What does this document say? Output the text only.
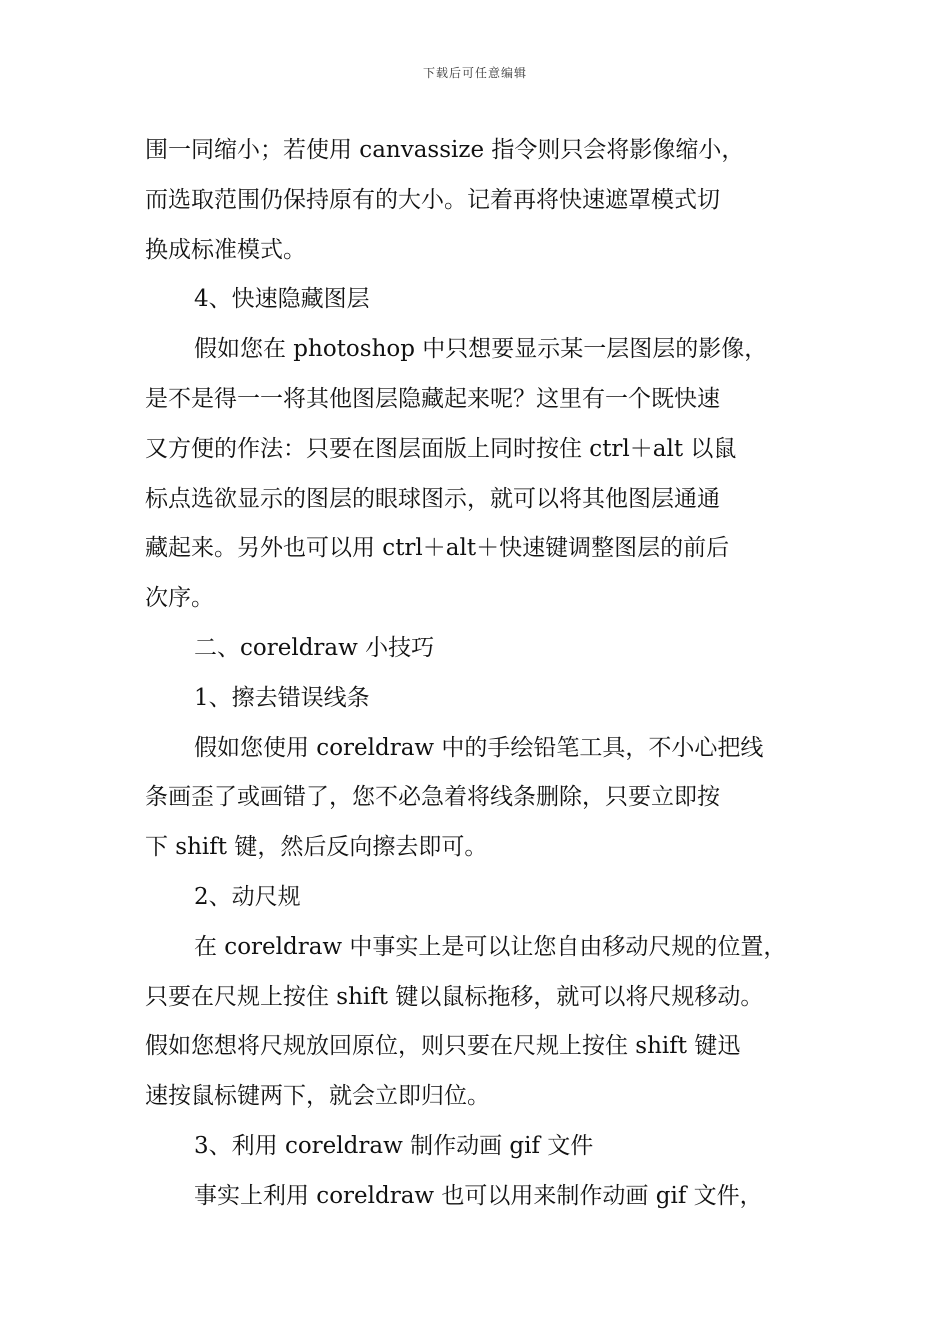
下载后可任意编辑
围一同缩小；若使用 canvassize 指令则只会将影像缩小，
而选取范围仍保持原有的大小。记着再将快速遮罩模式切
换成标准模式。
4、快速隐藏图层
假如您在 photoshop 中只想要显示某一层图层的影像，
是不是得一一将其他图层隐藏起来呢？这里有一个既快速
又方便的作法：只要在图层面版上同时按住 ctrl＋alt 以鼠
标点选欲显示的图层的眼球图示，就可以将其他图层通通
藏起来。另外也可以用 ctrl＋alt＋快速键调整图层的前后
次序。
二、coreldraw 小技巧
1、擦去错误线条
假如您使用 coreldraw 中的手绘铅笔工具，不小心把线
条画歪了或画错了，您不必急着将线条删除，只要立即按
下 shift 键，然后反向擦去即可。
2、动尺规
在 coreldraw 中事实上是可以让您自由移动尺规的位置，
只要在尺规上按住 shift 键以鼠标拖移，就可以将尺规移动。
假如您想将尺规放回原位，则只要在尺规上按住 shift 键迅
速按鼠标键两下，就会立即归位。
3、利用 coreldraw 制作动画 gif 文件
事实上利用 coreldraw 也可以用来制作动画 gif 文件，
